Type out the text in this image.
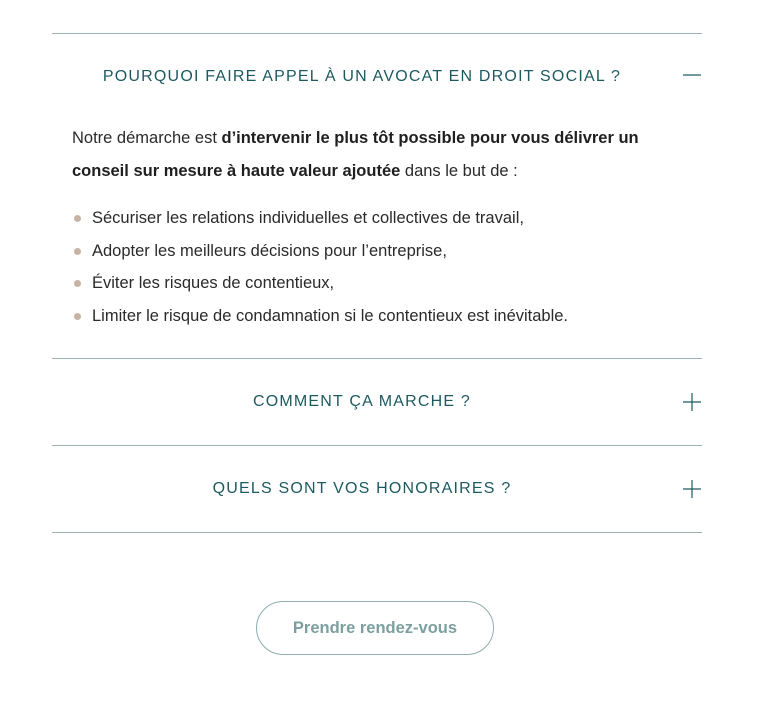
POURQUOI FAIRE APPEL À UN AVOCAT EN DROIT SOCIAL ?

Notre démarche est d’intervenir le plus tôt possible pour vous délivrer un conseil sur mesure à haute valeur ajoutée dans le but de :

Sécuriser les relations individuelles et collectives de travail,
Adopter les meilleurs décisions pour l’entreprise,
Éviter les risques de contentieux,
Limiter le risque de condamnation si le contentieux est inévitable.
COMMENT ÇA MARCHE ?
QUELS SONT VOS HONORAIRES ?
Prendre rendez-vous
